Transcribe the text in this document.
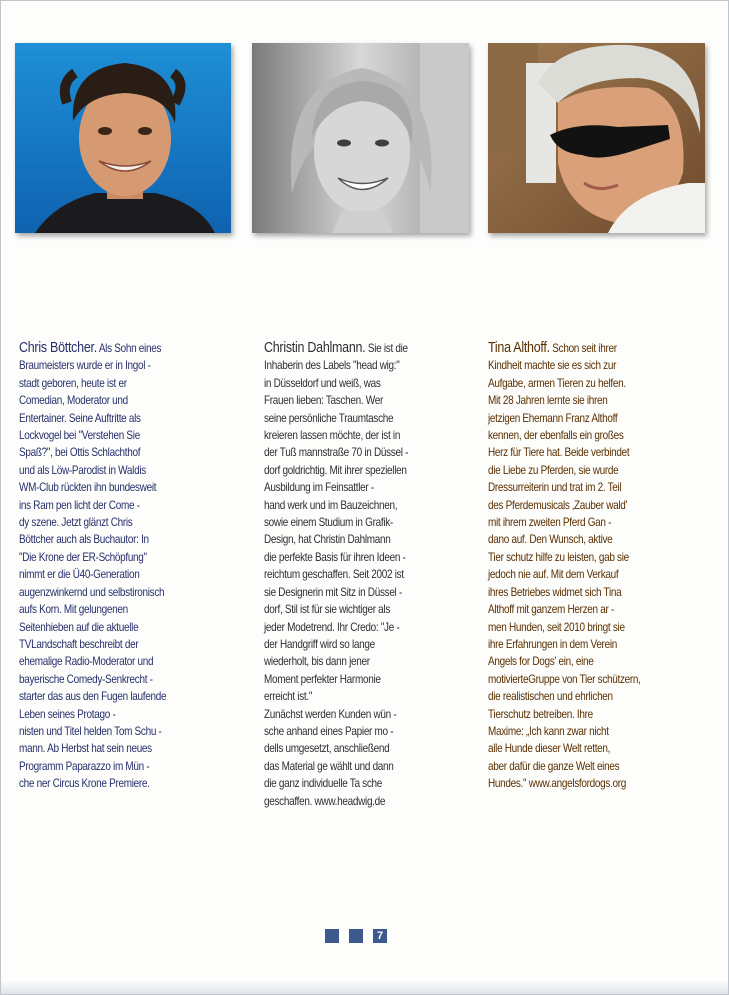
Chris Böttcher. Als Sohn eines
Braumeisters wurde er in Ingol -
stadt geboren, heute ist er
Comedian, Moderator und
Entertainer. Seine Auftritte als
Lockvogel bei "Verstehen Sie
Spaß?", bei Ottis Schlachthof
und als Löw-Parodist in Waldis
WM-Club rückten ihn bundesweit
ins Ram pen licht der Come -
dy szene. Jetzt glänzt Chris
Böttcher auch als Buchautor: In
"Die Krone der ER-Schöpfung"
nimmt er die Ü40-Generation
augenzwinkernd und selbstironisch
aufs Korn. Mit gelungenen
Seitenhieben auf die aktuelle
TVLandschaft beschreibt der
ehemalige Radio-Moderator und
bayerische Comedy-Senkrecht -
starter das aus den Fugen laufende
Leben seines Protago -
nisten und Titel helden Tom Schu -
mann. Ab Herbst hat sein neues
Programm Paparazzo im Mün -
che ner Circus Krone Premiere.
Christin Dahlmann. Sie ist die
Inhaberin des Labels "head wig:"
in Düsseldorf und weiß, was
Frauen lieben: Taschen. Wer
seine persönliche Traumtasche
kreieren lassen möchte, der ist in
der Tuß mannstraße 70 in Düssel -
dorf goldrichtig. Mit ihrer speziellen
Ausbildung im Feinsattler -
hand werk und im Bauzeichnen,
sowie einem Studium in Grafik-
Design, hat Christin Dahlmann
die perfekte Basis für ihren Ideen -
reichtum geschaffen. Seit 2002 ist
sie Designerin mit Sitz in Düssel -
dorf, Stil ist für sie wichtiger als
jeder Modetrend. Ihr Credo: "Je -
der Handgriff wird so lange
wiederholt, bis dann jener
Moment perfekter Harmonie
erreicht ist."
Zunächst werden Kunden wün -
sche anhand eines Papier mo -
dells umgesetzt, anschließend
das Material ge wählt und dann
die ganz individuelle Ta sche
geschaffen. www.headwig.de
Tina Althoff. Schon seit ihrer
Kindheit machte sie es sich zur
Aufgabe, armen Tieren zu helfen.
Mit 28 Jahren lernte sie ihren
jetzigen Ehemann Franz Althoff
kennen, der ebenfalls ein großes
Herz für Tiere hat. Beide verbindet
die Liebe zu Pferden, sie wurde
Dressurreiterin und trat im 2. Teil
des Pferdemusicals ‚Zauber wald'
mit ihrem zweiten Pferd Gan -
dano auf. Den Wunsch, aktive
Tier schutz hilfe zu leisten, gab sie
jedoch nie auf. Mit dem Verkauf
ihres Betriebes widmet sich Tina
Althoff mit ganzem Herzen ar -
men Hunden, seit 2010 bringt sie
ihre Erfahrungen in dem Verein
Angels for Dogs' ein, eine
motivierteGruppe von Tier schützern,
die realistischen und ehrlichen
Tierschutz betreiben. Ihre
Maxime: „Ich kann zwar nicht
alle Hunde dieser Welt retten,
aber dafür die ganze Welt eines
Hundes." www.angelsfordogs.org
7
